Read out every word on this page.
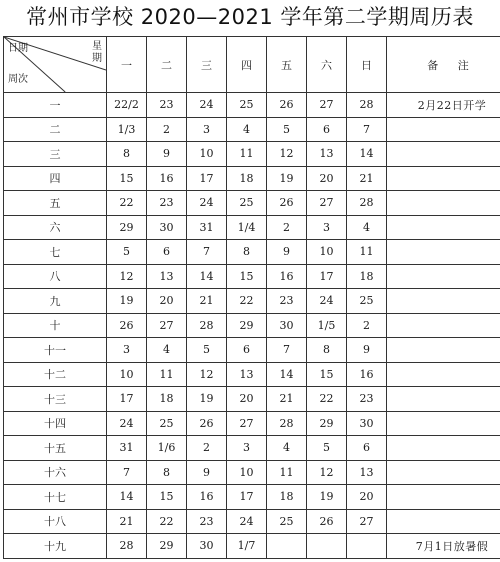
常州市学校 2020—2021 学年第二学期周历表
日期 星期
周次	一	二	三	四	五	六	日	备 注
一	22/2	23	24	25	26	27	28	2月22日开学
二	1/3	2	3	4	5	6	7	
三	8	9	10	11	12	13	14	
四	15	16	17	18	19	20	21	
五	22	23	24	25	26	27	28	
六	29	30	31	1/4	2	3	4	
七	5	6	7	8	9	10	11	
八	12	13	14	15	16	17	18	
九	19	20	21	22	23	24	25	
十	26	27	28	29	30	1/5	2	
十一	3	4	5	6	7	8	9	
十二	10	11	12	13	14	15	16	
十三	17	18	19	20	21	22	23	
十四	24	25	26	27	28	29	30	
十五	31	1/6	2	3	4	5	6	
十六	7	8	9	10	11	12	13	
十七	14	15	16	17	18	19	20	
十八	21	22	23	24	25	26	27	
十九	28	29	30	1/7				7月1日放暑假
